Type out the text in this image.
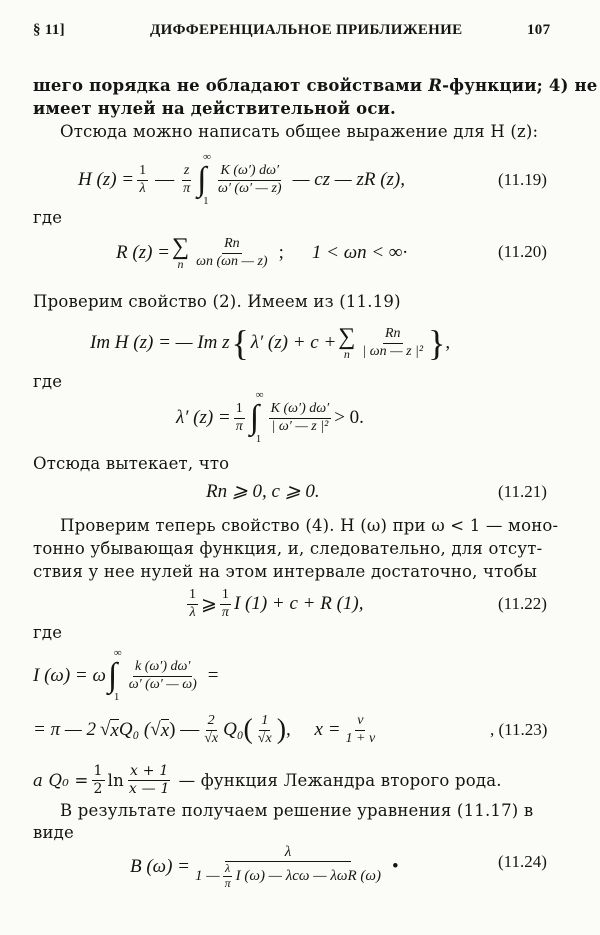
§ 11]	ДИФФЕРЕНЦИАЛЬНОЕ ПРИБЛИЖЕНИЕ	107
шего порядка не обладают свойствами R-функции; 4) не
имеет нулей на действительной оси.
Отсюда можно написать общее выражение для H (z):
H $(z) = \frac{1}{\lambda}$ — $\frac{z}{\pi}$
∞
∫
1
$\frac{K (\omega') d\omega'}{\omega' (\omega' — z)}$ — cz — zR (z),	(11.19)
где
R (z) = ∑
n $\frac{Rn}{\omega n (\omega n — z)}$ ; 1 < ωn < ∞·	(11.20)
Проверим свойство (2). Имеем из (11.19)
Im H (z) = — Im z { λ′ (z) + c + ∑
n $\frac{Rn}{\text{| ωn — z |²}}$ } ,
где
λ′ $(z) = \frac{1}{\pi}$
∞
∫
1
$\frac{K (\omega') d\omega'}{\text{| ω′ — z |²}} > 0$.
Отсюда вытекает, что
Rn ⩾ 0, c ⩾ 0.	(11.21)
Проверим теперь свойство (4). H (ω) при ω < 1 — моно-
тонно убывающая функция, и, следовательно, для отсут-
ствия у нее нулей на этом интервале достаточно, чтобы
$\frac{1}{\lambda}$ ⩾ $\frac{1}{\pi}$ I (1) + c + R (1),	(11.22)
где
I (ω) = ω
∞
∫
1
$\frac{k (\omega') d\omega'}{\omega' (\omega' — \omega)}$ =
= π — 2 √ x Q₀ ( √ x ) — $\frac{2}{√x} Q_0$ ( $\frac{1}{√x}$ ) ,     $x = \frac{\nu}{1 + \nu}$	, (11.23)
а $Q_0 = \frac{1}{2}$ $\ln \frac{x + 1}{x — 1}$ — функция Лежандра второго рода.
В результате получаем решение уравнения (11.17) в
виде
B $(\omega) = \frac{\lambda}{1 — \frac{\lambda}{\pi} I (\omega) — \lambda c\omega — \lambda\omega R (\omega)}$ •	(11.24)
